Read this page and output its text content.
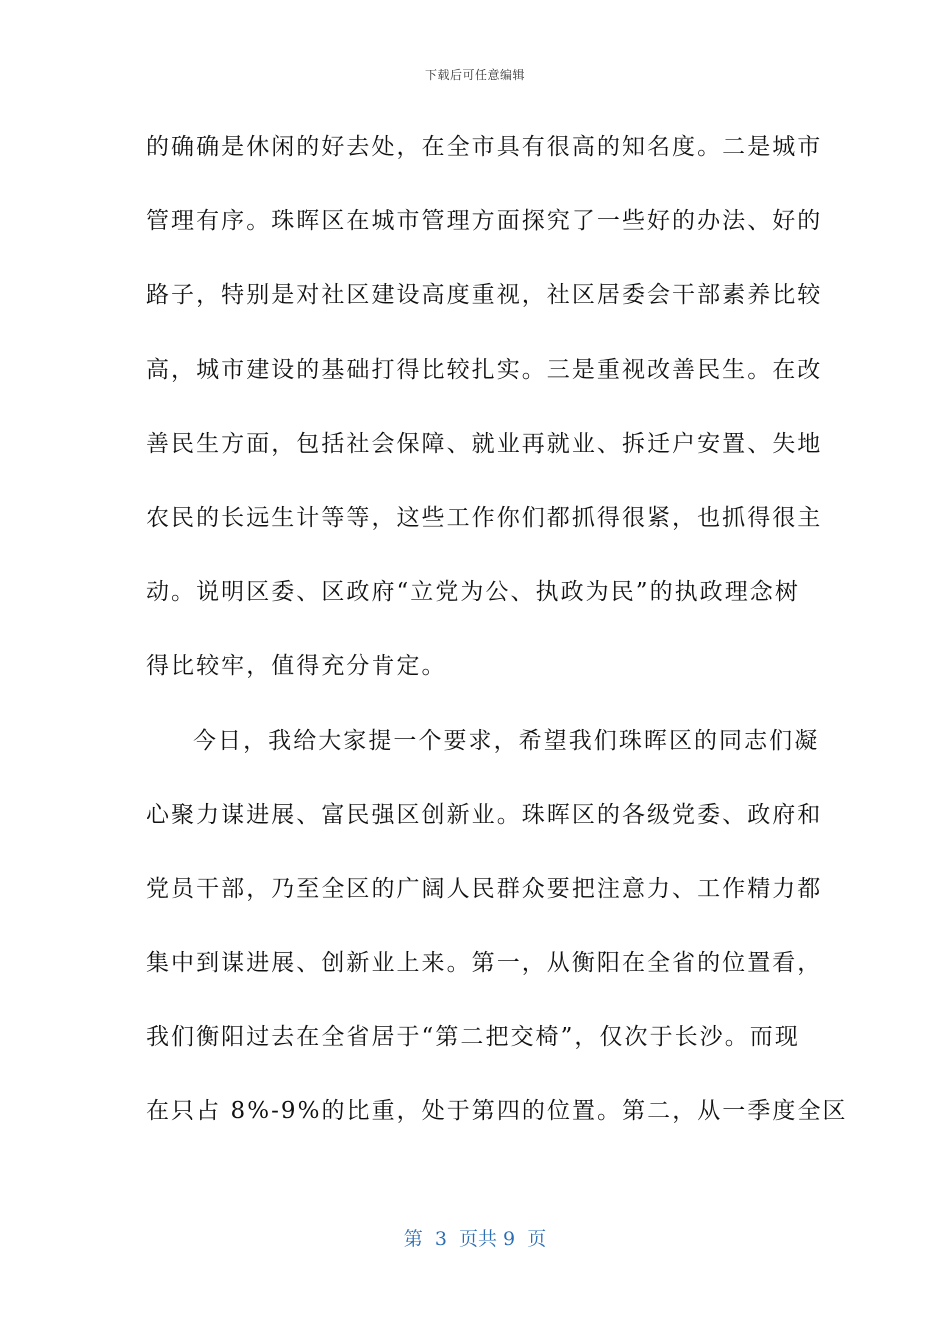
下载后可任意编辑
的确确是休闲的好去处，在全市具有很高的知名度。二是城市
管理有序。珠晖区在城市管理方面探究了一些好的办法、好的
路子，特别是对社区建设高度重视，社区居委会干部素养比较
高，城市建设的基础打得比较扎实。三是重视改善民生。在改
善民生方面，包括社会保障、就业再就业、拆迁户安置、失地
农民的长远生计等等，这些工作你们都抓得很紧，也抓得很主
动。说明区委、区政府“立党为公、执政为民”的执政理念树
得比较牢，值得充分肯定。
今日，我给大家提一个要求，希望我们珠晖区的同志们凝
心聚力谋进展、富民强区创新业。珠晖区的各级党委、政府和
党员干部，乃至全区的广阔人民群众要把注意力、工作精力都
集中到谋进展、创新业上来。第一，从衡阳在全省的位置看，
我们衡阳过去在全省居于“第二把交椅”，仅次于长沙。而现
在只占 8%-9%的比重，处于第四的位置。第二，从一季度全区
第  3  页共 9  页
